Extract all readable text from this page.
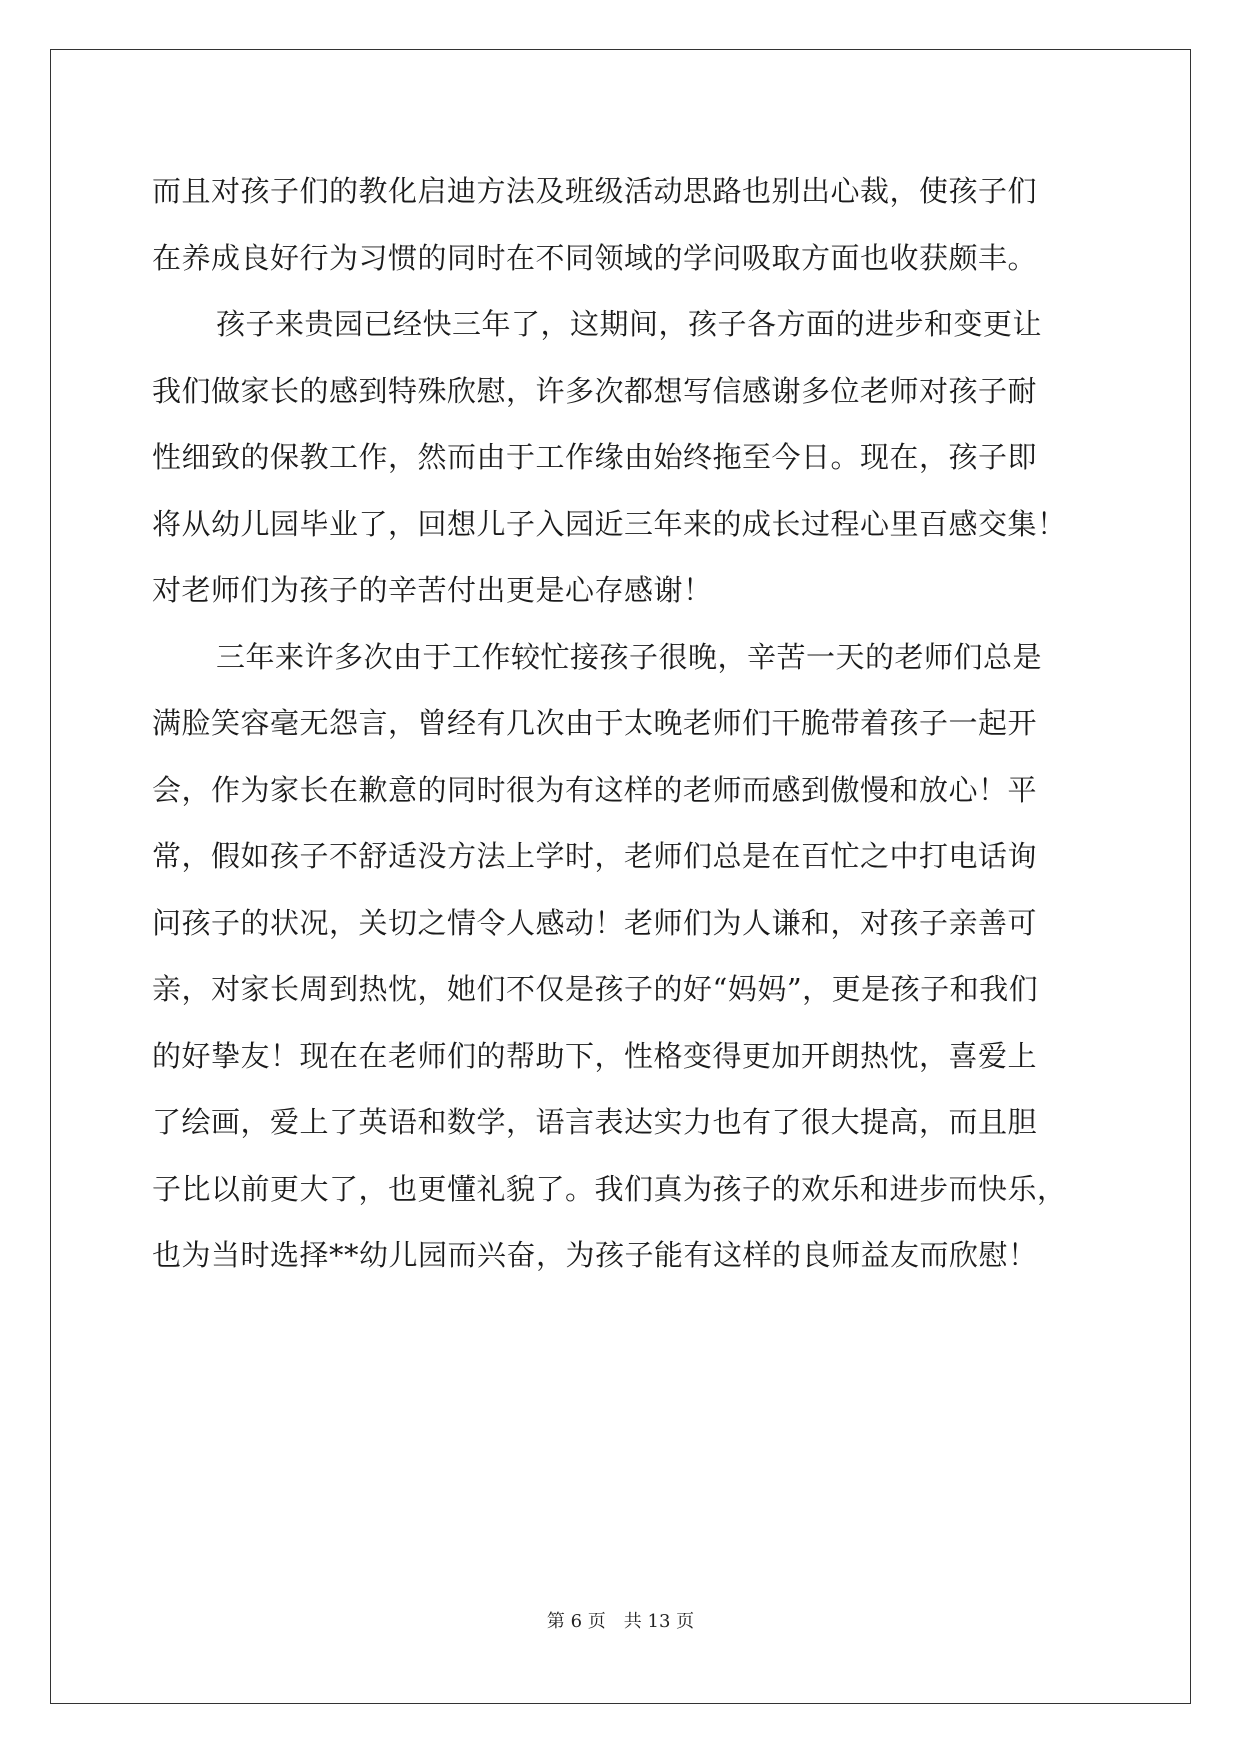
而且对孩子们的教化启迪方法及班级活动思路也别出心裁，使孩子们
在养成良好行为习惯的同时在不同领域的学问吸取方面也收获颇丰。
孩子来贵园已经快三年了，这期间，孩子各方面的进步和变更让
我们做家长的感到特殊欣慰，许多次都想写信感谢多位老师对孩子耐
性细致的保教工作，然而由于工作缘由始终拖至今日。现在，孩子即
将从幼儿园毕业了，回想儿子入园近三年来的成长过程心里百感交集！
对老师们为孩子的辛苦付出更是心存感谢！
三年来许多次由于工作较忙接孩子很晚，辛苦一天的老师们总是
满脸笑容毫无怨言，曾经有几次由于太晚老师们干脆带着孩子一起开
会，作为家长在歉意的同时很为有这样的老师而感到傲慢和放心！平
常，假如孩子不舒适没方法上学时，老师们总是在百忙之中打电话询
问孩子的状况，关切之情令人感动！老师们为人谦和，对孩子亲善可
亲，对家长周到热忱，她们不仅是孩子的好“妈妈”，更是孩子和我们
的好挚友！现在在老师们的帮助下，性格变得更加开朗热忱，喜爱上
了绘画，爱上了英语和数学，语言表达实力也有了很大提高，而且胆
子比以前更大了，也更懂礼貌了。我们真为孩子的欢乐和进步而快乐，
也为当时选择**幼儿园而兴奋，为孩子能有这样的良师益友而欣慰！
第 6 页 共 13 页
